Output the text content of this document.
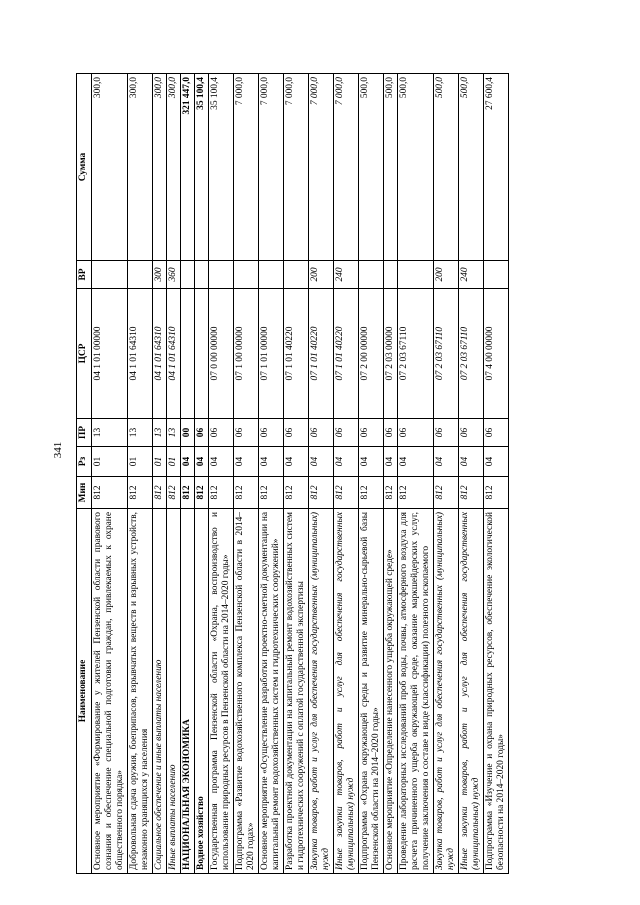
341
Наименование	Мин	Рз	ПР	ЦСР	ВР	Сумма
Основное мероприятие «Формирование у жителей Пензенской области правового сознания и обеспечение специальной подготовки граждан, привлекаемых к охране общественного порядка»	812	01	13	04 1 01 00000		300,0
Добровольная сдача оружия, боеприпасов, взрывчатых веществ и взрывных устройств, незаконно хранящихся у населения	812	01	13	04 1 01 64310		300,0
Социальное обеспечение и иные выплаты населению	812	01	13	04 1 01 64310	300	300,0
Иные выплаты населению	812	01	13	04 1 01 64310	360	300,0
НАЦИОНАЛЬНАЯ ЭКОНОМИКА	812	04	00			321 447,0
Водное хозяйство	812	04	06			35 100,4
Государственная программа Пензенской области «Охрана, воспроизводство и использование природных ресурсов в Пензенской области на 2014–2020 годы»	812	04	06	07 0 00 00000		35 100,4
Подпрограмма «Развитие водохозяйственного комплекса Пензенской области в 2014–2020 годах»	812	04	06	07 1 00 00000		7 000,0
Основное мероприятие «Осуществление разработки проектно-сметной документации на капитальный ремонт водохозяйственных систем и гидротехнических сооружений»	812	04	06	07 1 01 00000		7 000,0
Разработка проектной документации на капитальный ремонт водохозяйственных систем и гидротехнических сооружений с оплатой государственной экспертизы	812	04	06	07 1 01 40220		7 000,0
Закупка товаров, работ и услуг для обеспечения государственных (муниципальных) нужд	812	04	06	07 1 01 40220	200	7 000,0
Иные закупки товаров, работ и услуг для обеспечения государственных (муниципальных) нужд	812	04	06	07 1 01 40220	240	7 000,0
Подпрограмма «Охрана окружающей среды и развитие минерально-сырьевой базы Пензенской области на 2014–2020 годы»	812	04	06	07 2 00 00000		500,0
Основное мероприятие «Определение нанесенного ущерба окружающей среде»	812	04	06	07 2 03 00000		500,0
Проведение лабораторных исследований проб воды, почвы, атмосферного воздуха для расчета причиненного ущерба окружающей среде, оказание маркшейдерских услуг, получение заключения о составе и виде (классификации) полезного ископаемого	812	04	06	07 2 03 67110		500,0
Закупка товаров, работ и услуг для обеспечения государственных (муниципальных) нужд	812	04	06	07 2 03 67110	200	500,0
Иные закупки товаров, работ и услуг для обеспечения государственных (муниципальных) нужд	812	04	06	07 2 03 67110	240	500,0
Подпрограмма «Изучение и охрана природных ресурсов, обеспечение экологической безопасности на 2014–2020 годы»	812	04	06	07 4 00 00000		27 600,4
